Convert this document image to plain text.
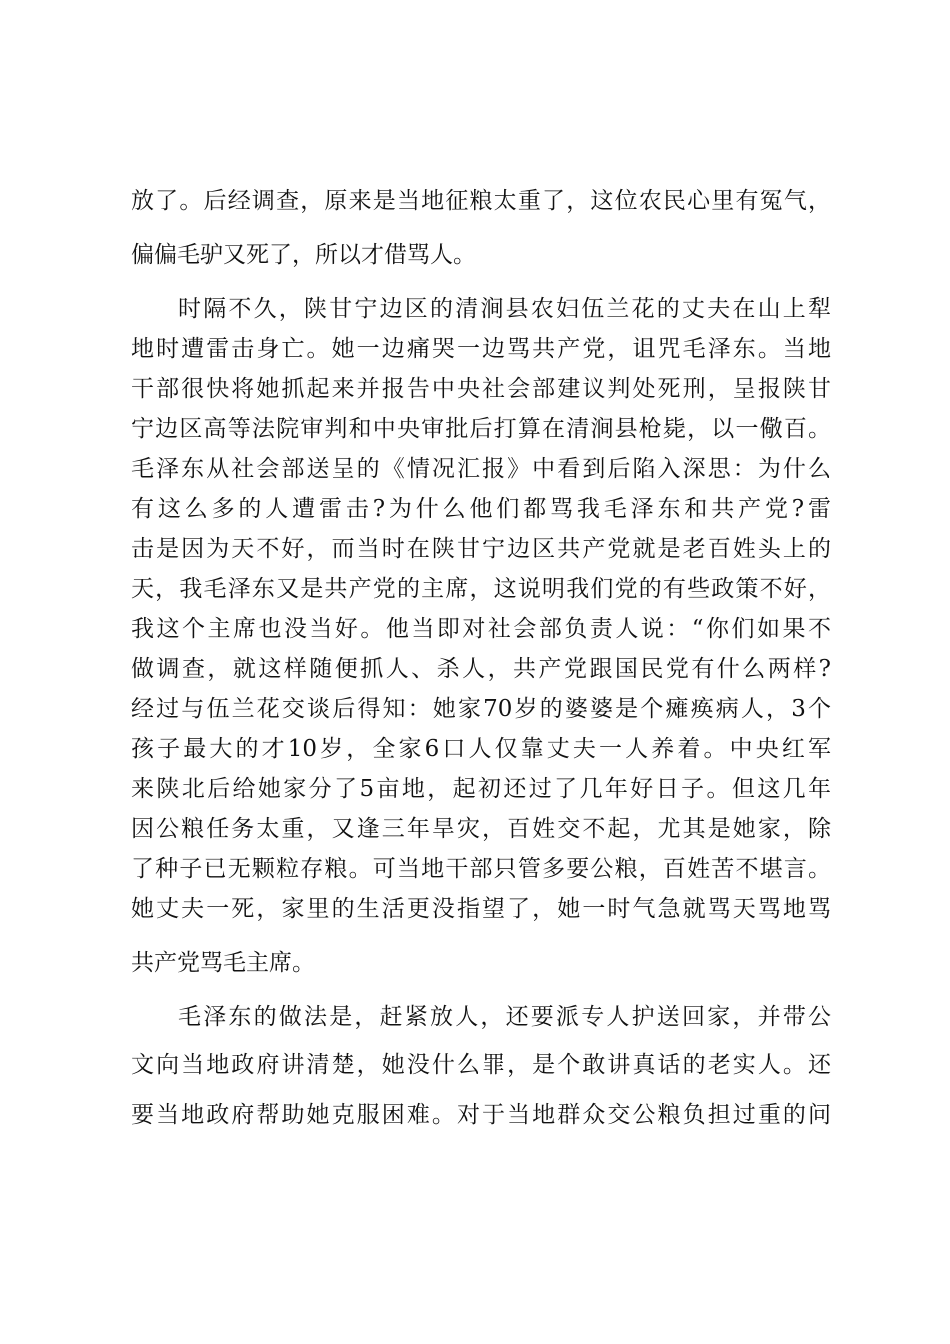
放了。后经调查，原来是当地征粮太重了，这位农民心里有冤气，

偏偏毛驴又死了，所以才借骂人。

时隔不久，陕甘宁边区的清涧县农妇伍兰花的丈夫在山上犁

地时遭雷击身亡。她一边痛哭一边骂共产党，诅咒毛泽东。当地

干部很快将她抓起来并报告中央社会部建议判处死刑，呈报陕甘

宁边区高等法院审判和中央审批后打算在清涧县枪毙，以一儆百。

毛泽东从社会部送呈的《情况汇报》中看到后陷入深思：为什么

有这么多的人遭雷击?为什么他们都骂我毛泽东和共产党?雷

击是因为天不好，而当时在陕甘宁边区共产党就是老百姓头上的

天，我毛泽东又是共产党的主席，这说明我们党的有些政策不好，

我这个主席也没当好。他当即对社会部负责人说：“你们如果不

做调查，就这样随便抓人、杀人，共产党跟国民党有什么两样?

经过与伍兰花交谈后得知：她家70岁的婆婆是个瘫痪病人，3个

孩子最大的才10岁，全家6口人仅靠丈夫一人养着。中央红军

来陕北后给她家分了5亩地，起初还过了几年好日子。但这几年

因公粮任务太重，又逢三年旱灾，百姓交不起，尤其是她家，除

了种子已无颗粒存粮。可当地干部只管多要公粮，百姓苦不堪言。

她丈夫一死，家里的生活更没指望了，她一时气急就骂天骂地骂

共产党骂毛主席。

毛泽东的做法是，赶紧放人，还要派专人护送回家，并带公

文向当地政府讲清楚，她没什么罪，是个敢讲真话的老实人。还

要当地政府帮助她克服困难。对于当地群众交公粮负担过重的问
